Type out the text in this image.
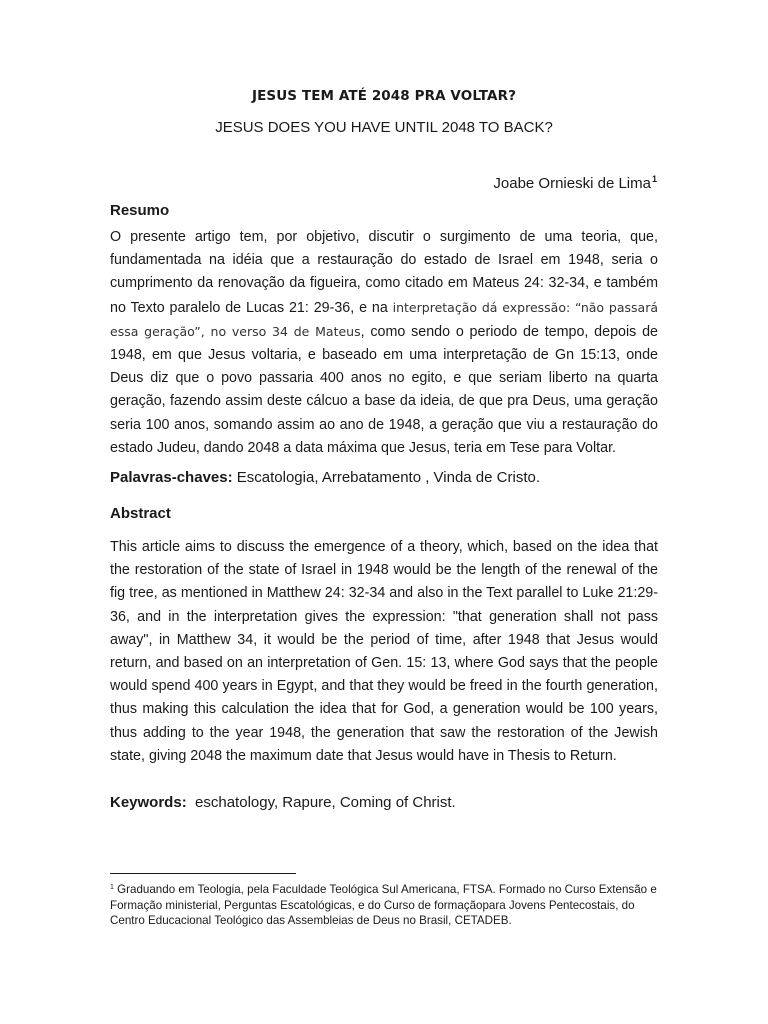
JESUS TEM ATÉ 2048 PRA VOLTAR?
JESUS DOES YOU HAVE UNTIL 2048 TO BACK?
Joabe Ornieski de Lima$^1$
Resumo

O presente artigo tem, por objetivo, discutir o surgimento de uma teoria, que, fundamentada na idéia que a restauração do estado de Israel em 1948, seria o cumprimento da renovação da figueira, como citado em Mateus 24: 32-34, e também no Texto paralelo de Lucas 21: 29-36, e na interpretação dá expressão: “não passará essa geração”, no verso 34 de Mateus, como sendo o periodo de tempo, depois de 1948, em que Jesus voltaria, e baseado em uma interpretação de Gn 15:13, onde Deus diz que o povo passaria 400 anos no egito, e que seriam liberto na quarta geração, fazendo assim deste cálcuo a base da ideia, de que pra Deus, uma geração seria 100 anos, somando assim ao ano de 1948, a geração que viu a restauração do estado Judeu, dando 2048 a data máxima que Jesus, teria em Tese para Voltar.

Palavras-chaves: Escatologia, Arrebatamento , Vinda de Cristo.
Abstract

This article aims to discuss the emergence of a theory, which, based on the idea that the restoration of the state of Israel in 1948 would be the length of the renewal of the fig tree, as mentioned in Matthew 24: 32-34 and also in the Text parallel to Luke 21:29-36, and in the interpretation gives the expression: "that generation shall not pass away", in Matthew 34, it would be the period of time, after 1948 that Jesus would return, and based on an interpretation of Gen. 15: 13, where God says that the people would spend 400 years in Egypt, and that they would be freed in the fourth generation, thus making this calculation the idea that for God, a generation would be 100 years, thus adding to the year 1948, the generation that saw the restoration of the Jewish state, giving 2048 the maximum date that Jesus would have in Thesis to Return.

Keywords: eschatology, Rapure, Coming of Christ.

$^1$ Graduando em Teologia, pela Faculdade Teológica Sul Americana, FTSA. Formado no Curso Extensão e Formação ministerial, Perguntas Escatológicas, e do Curso de formaçãopara Jovens Pentecostais, do Centro Educacional Teológico das Assembleias de Deus no Brasil, CETADEB.
